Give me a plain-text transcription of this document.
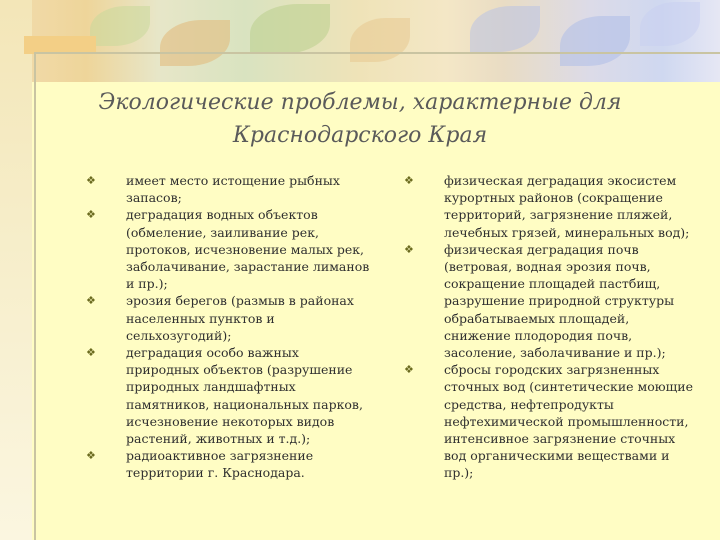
Экологические проблемы, характерные для
Краснодарского Края
❖	имеет место истощение рыбных запасов;
❖	деградация водных объектов (обмеление, заиливание рек, протоков, исчезновение малых рек, заболачивание, зарастание лиманов и пр.);
❖	эрозия берегов (размыв в районах населенных пунктов и сельхозугодий);
❖	деградация особо важных природных объектов (разрушение природных ландшафтных памятников, национальных парков, исчезновение некоторых видов растений, животных и т.д.);
❖	радиоактивное загрязнение территории г. Краснодара.
❖	физическая деградация экосистем курортных районов (сокращение территорий, загрязнение пляжей, лечебных грязей, минеральных вод);
❖	физическая деградация почв (ветровая, водная эрозия почв, сокращение площадей пастбищ, разрушение природной структуры обрабатываемых площадей, снижение плодородия почв, засоление, заболачивание и пр.);
❖	сбросы городских загрязненных сточных вод (синтетические моющие средства, нефтепродукты нефтехимической промышленности, интенсивное загрязнение сточных вод органическими веществами и пр.);
